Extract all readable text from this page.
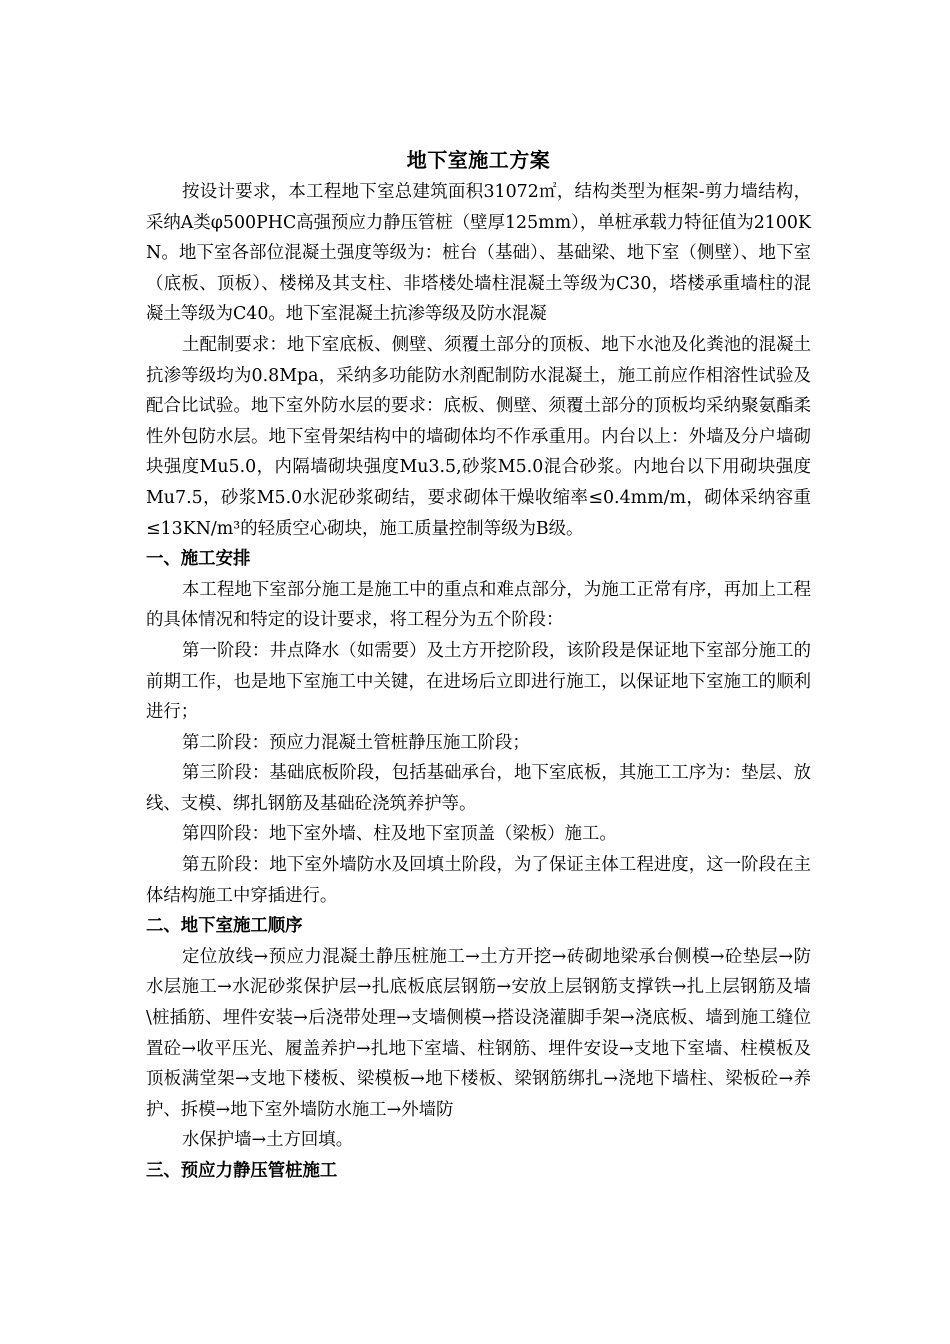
地下室施工方案

按设计要求，本工程地下室总建筑面积31072㎡，结构类型为框架-剪力墙结构，采纳A类φ500PHC高强预应力静压管桩（壁厚125mm），单桩承载力特征值为2100KN。地下室各部位混凝土强度等级为：桩台（基础）、基础梁、地下室（侧壁）、地下室（底板、顶板）、楼梯及其支柱、非塔楼处墙柱混凝土等级为C30，塔楼承重墙柱的混凝土等级为C40。地下室混凝土抗渗等级及防水混凝

土配制要求：地下室底板、侧壁、须覆土部分的顶板、地下水池及化粪池的混凝土抗渗等级均为0.8Mpa，采纳多功能防水剂配制防水混凝土，施工前应作相溶性试验及配合比试验。地下室外防水层的要求：底板、侧壁、须覆土部分的顶板均采纳聚氨酯柔性外包防水层。地下室骨架结构中的墙砌体均不作承重用。内台以上：外墙及分户墙砌块强度Mu5.0，内隔墙砌块强度Mu3.5,砂浆M5.0混合砂浆。内地台以下用砌块强度Mu7.5，砂浆M5.0水泥砂浆砌结，要求砌体干燥收缩率≤0.4mm/m，砌体采纳容重≤13KN/m³的轻质空心砌块，施工质量控制等级为B级。

一、施工安排

本工程地下室部分施工是施工中的重点和难点部分，为施工正常有序，再加上工程的具体情况和特定的设计要求，将工程分为五个阶段：

第一阶段：井点降水（如需要）及土方开挖阶段，该阶段是保证地下室部分施工的前期工作，也是地下室施工中关键，在进场后立即进行施工，以保证地下室施工的顺利进行；

第二阶段：预应力混凝土管桩静压施工阶段；

第三阶段：基础底板阶段，包括基础承台，地下室底板，其施工工序为：垫层、放线、支模、绑扎钢筋及基础砼浇筑养护等。

第四阶段：地下室外墙、柱及地下室顶盖（梁板）施工。

第五阶段：地下室外墙防水及回填土阶段，为了保证主体工程进度，这一阶段在主体结构施工中穿插进行。

二、地下室施工顺序

定位放线→预应力混凝土静压桩施工→土方开挖→砖砌地梁承台侧模→砼垫层→防水层施工→水泥砂浆保护层→扎底板底层钢筋→安放上层钢筋支撑铁→扎上层钢筋及墙\桩插筋、埋件安装→后浇带处理→支墙侧模→搭设浇灌脚手架→浇底板、墙到施工缝位置砼→收平压光、履盖养护→扎地下室墙、柱钢筋、埋件安设→支地下室墙、柱模板及顶板满堂架→支地下楼板、梁模板→地下楼板、梁钢筋绑扎→浇地下墙柱、梁板砼→养护、拆模→地下室外墙防水施工→外墙防

水保护墙→土方回填。

三、预应力静压管桩施工
